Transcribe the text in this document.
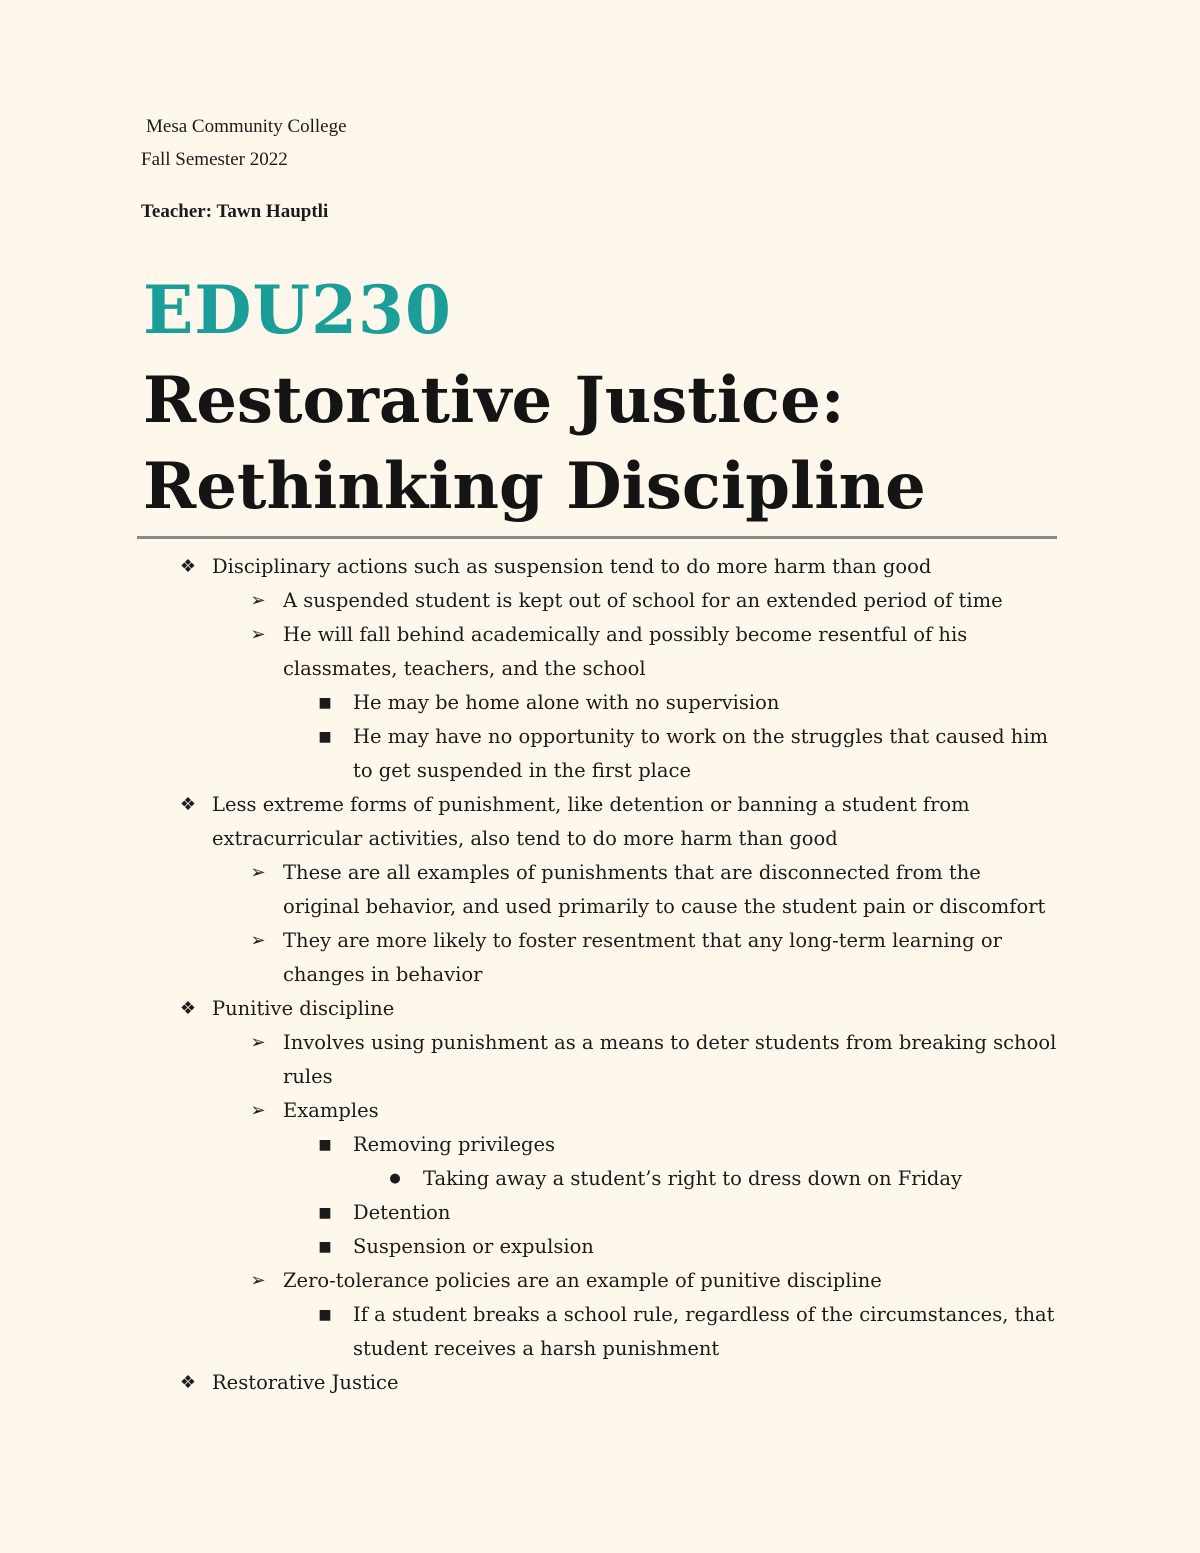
Mesa Community College
Fall Semester 2022
Teacher: Tawn Hauptli
EDU230
Restorative Justice:
Rethinking Discipline
❖ Disciplinary actions such as suspension tend to do more harm than good
➢ A suspended student is kept out of school for an extended period of time
➢ He will fall behind academically and possibly become resentful of his classmates, teachers, and the school
■ He may be home alone with no supervision
■ He may have no opportunity to work on the struggles that caused him to get suspended in the first place
❖ Less extreme forms of punishment, like detention or banning a student from extracurricular activities, also tend to do more harm than good
➢ These are all examples of punishments that are disconnected from the original behavior, and used primarily to cause the student pain or discomfort
➢ They are more likely to foster resentment that any long-term learning or changes in behavior
❖ Punitive discipline
➢ Involves using punishment as a means to deter students from breaking school rules
➢ Examples
■ Removing privileges
●	Taking away a student’s right to dress down on Friday
■ Detention
■ Suspension or expulsion
➢ Zero-tolerance policies are an example of punitive discipline
■ If a student breaks a school rule, regardless of the circumstances, that student receives a harsh punishment
❖ Restorative Justice
